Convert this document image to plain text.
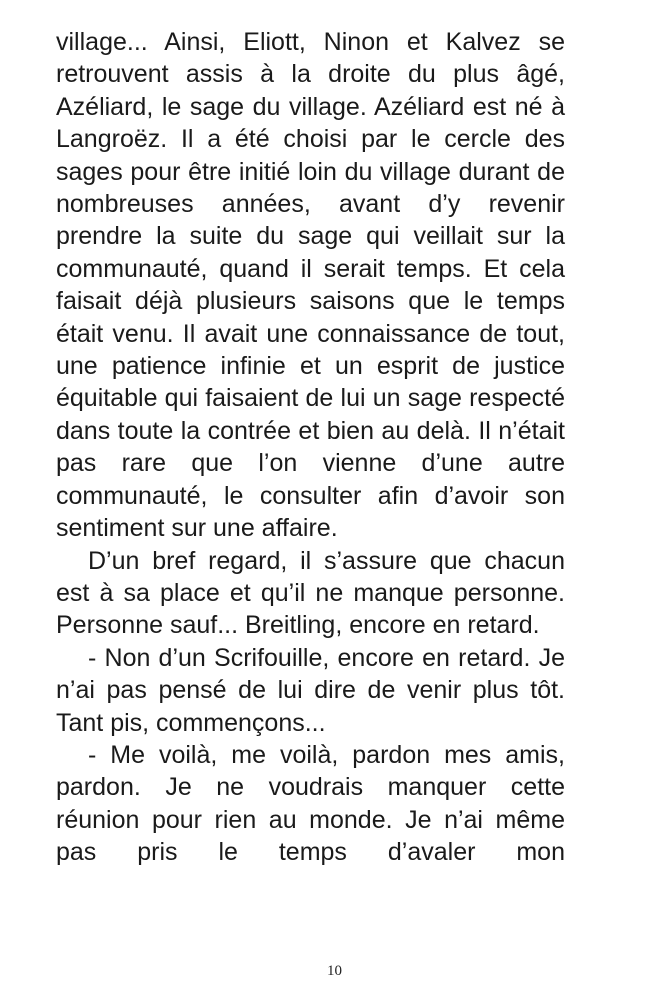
village... Ainsi, Eliott, Ninon et Kalvez se retrouvent assis à la droite du plus âgé, Azéliard, le sage du village. Azéliard est né à Langroëz. Il a été choisi par le cercle des sages pour être initié loin du village durant de nombreuses années, avant d’y revenir prendre la suite du sage qui veillait sur la communauté, quand il serait temps. Et cela faisait déjà plusieurs saisons que le temps était venu. Il avait une connaissance de tout, une patience infinie et un esprit de justice équitable qui faisaient de lui un sage respecté dans toute la contrée et bien au delà. Il n’était pas rare que l’on vienne d’une autre communauté, le consulter afin d’avoir son sentiment sur une affaire.

D’un bref regard, il s’assure que chacun est à sa place et qu’il ne manque personne. Personne sauf... Breitling, encore en retard.

- Non d’un Scrifouille, encore en retard. Je n’ai pas pensé de lui dire de venir plus tôt. Tant pis, commençons...

- Me voilà, me voilà, pardon mes amis, pardon. Je ne voudrais manquer cette réunion pour rien au monde. Je n’ai même pas pris le temps d’avaler mon

10
